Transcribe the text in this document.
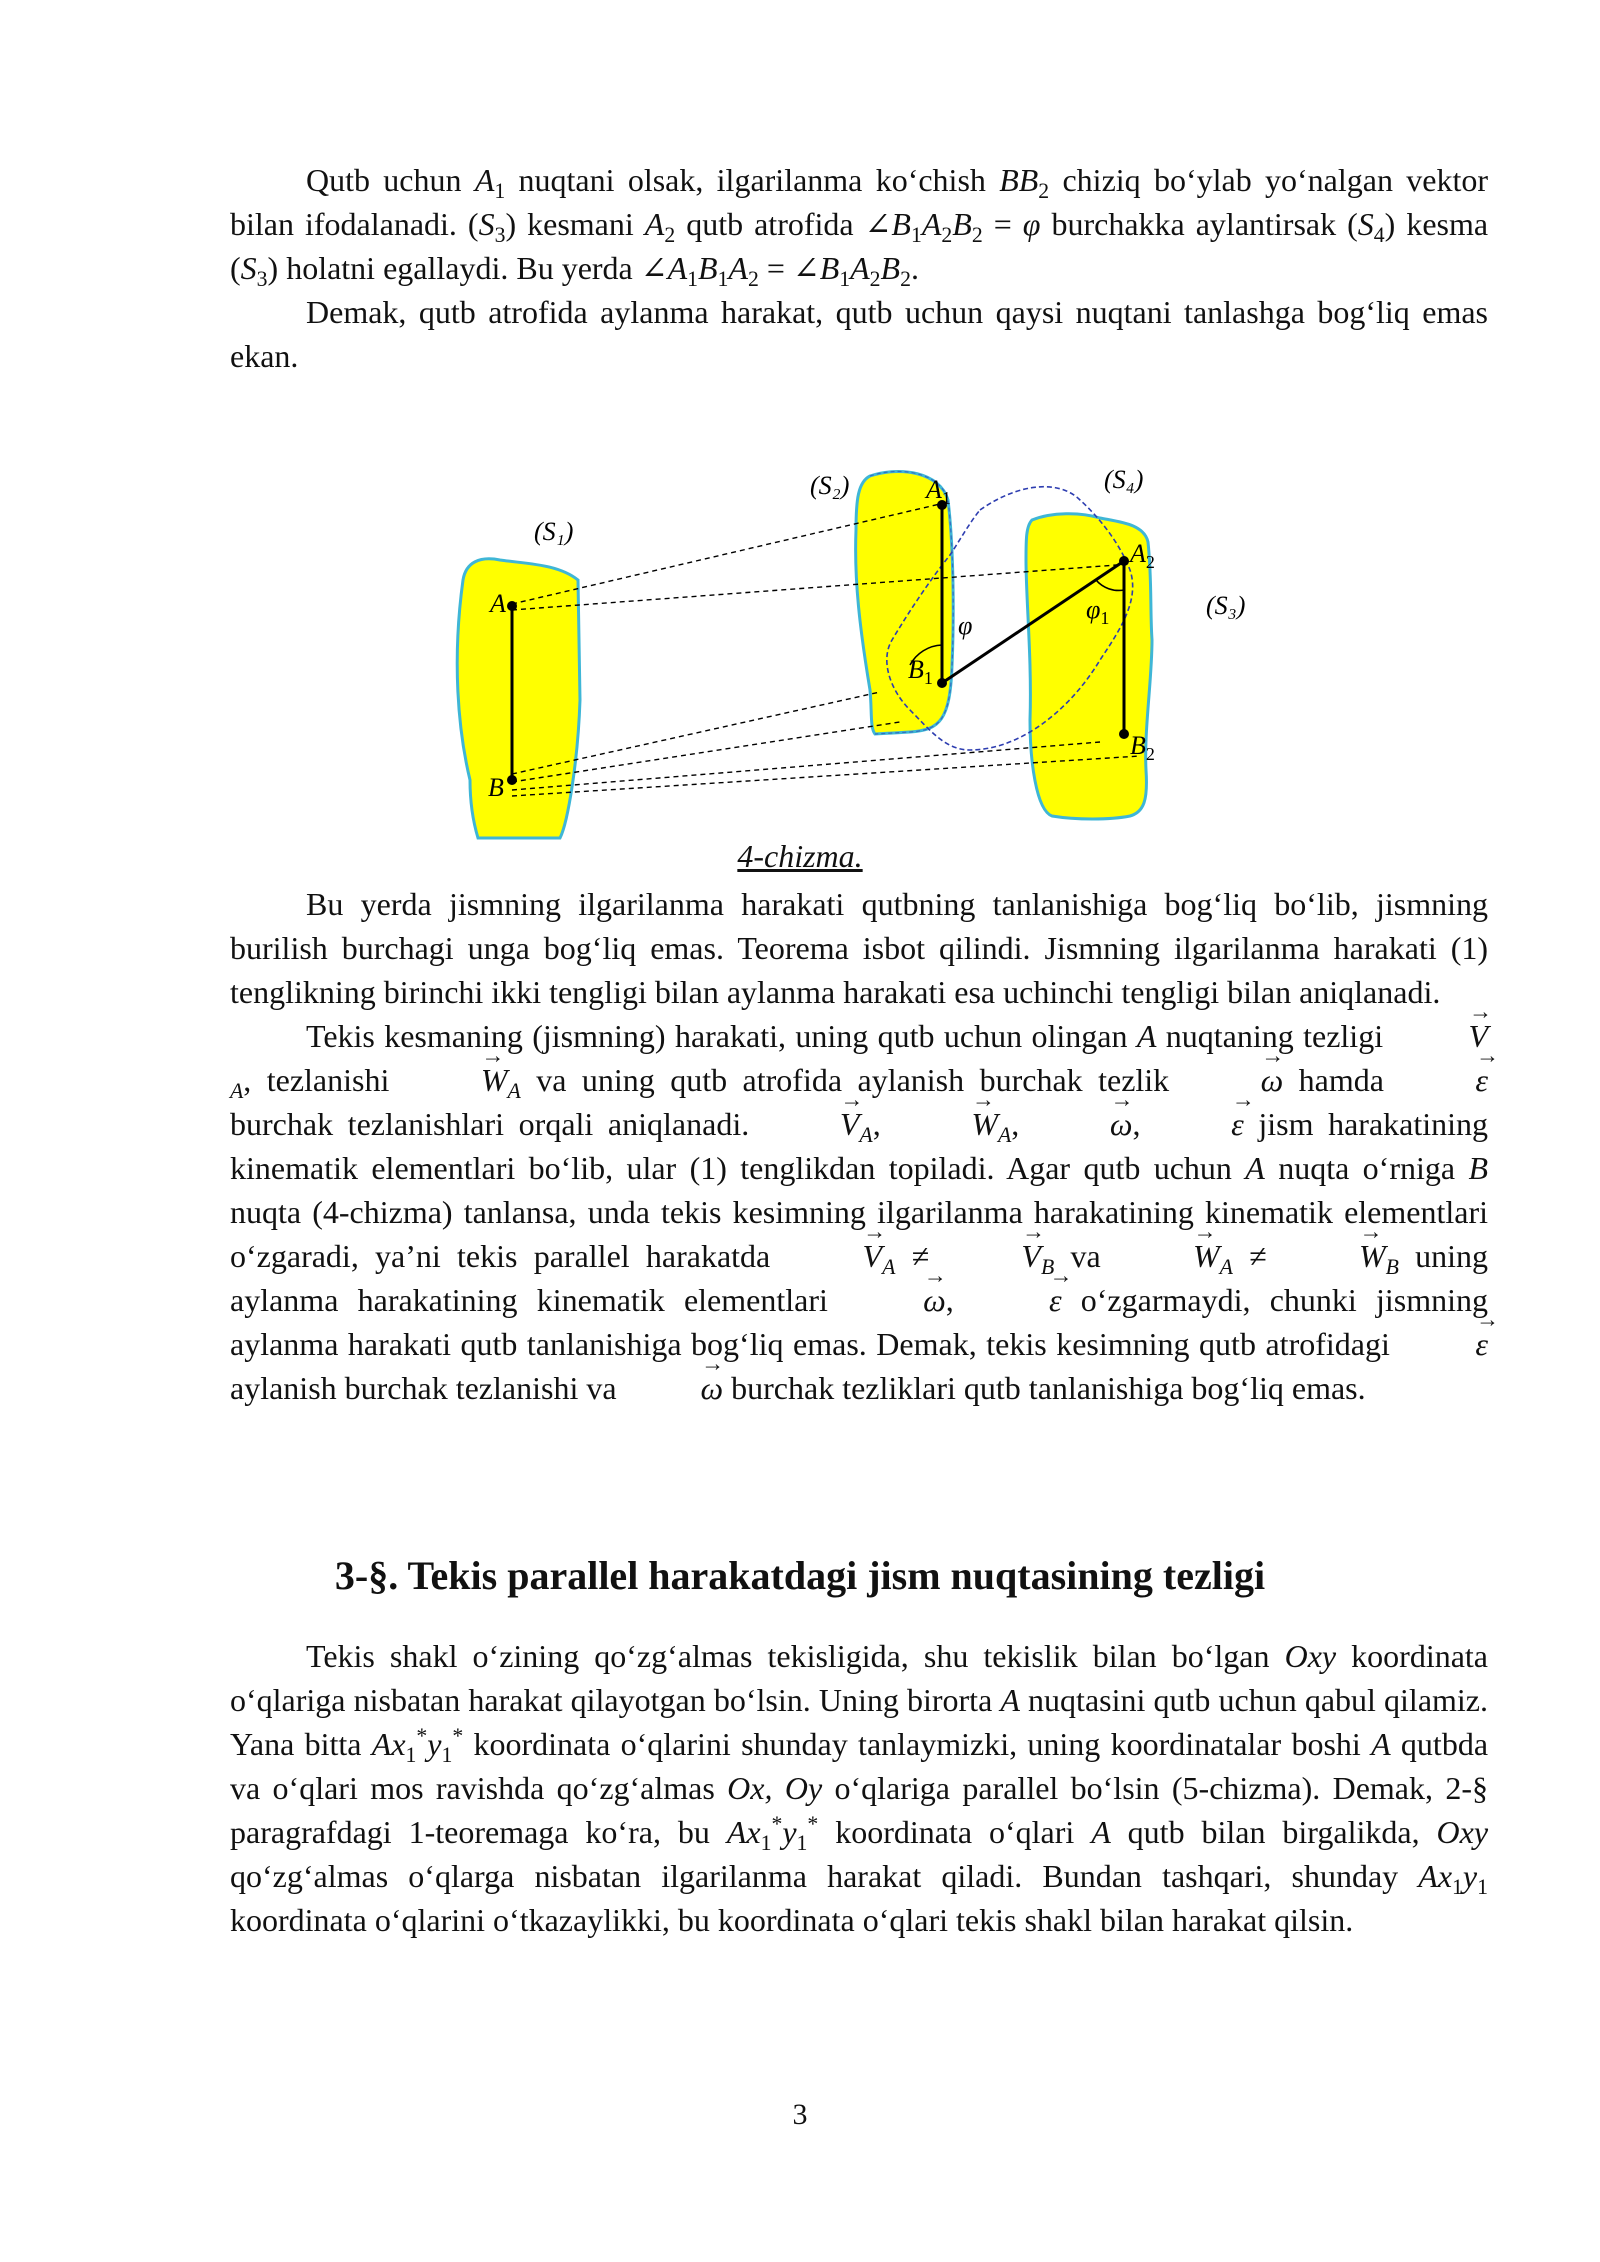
Qutb uchun $A_1$ nuqtani olsak, ilgarilanma ko‘chish $BB_2$ chiziq bo‘ylab yo‘nalgan vektor bilan ifodalanadi. $(S_3)$ kesmani $A_2$ qutb atrofida $\angle B_1A_2B_2 = \varphi$ burchakka aylantirsak $(S_4)$ kesma $(S_3)$ holatni egallaydi. Bu yerda $\angle A_1B_1A_2$ = $\angle B_1A_2B_2$.

Demak, qutb atrofida aylanma harakat, qutb uchun qaysi nuqtani tanlashga bog‘liq emas ekan.

(S₁)
(S₂)	(S₄)
(S₃)
A
B
$A_1$
$B_1$
$A_2$
$B_2$
φ
$\varphi_1$
4-chizma.

Bu yerda jismning ilgarilanma harakati qutbning tanlanishiga bog‘liq bo‘lib, jismning burilish burchagi unga bog‘liq emas. Teorema isbot qilindi. Jismning ilgarilanma harakati (1) tenglikning birinchi ikki tengligi bilan aylanma harakati esa uchinchi tengligi bilan aniqlanadi.

Tekis kesmaning (jismning) harakati, uning qutb uchun olingan A nuqtaning tezligi → $V_A$, tezlanishi → $W_A$ va uning qutb atrofida aylanish burchak tezlik → ω hamda → ε burchak tezlanishlari orqali aniqlanadi. → $V_A$, → $W_A$, → ω, → ε jism harakatining kinematik elementlari bo‘lib, ular (1) tenglikdan topiladi. Agar qutb uchun A nuqta o‘rniga B nuqta (4-chizma) tanlansa, unda tekis kesimning ilgarilanma harakatining kinematik elementlari o‘zgaradi, ya’ni tekis parallel harakatda → $V_A$ ≠ → $V_B$ va → $W_A$ ≠ → $W_B$ uning aylanma harakatining kinematik elementlari → ω, → ε o‘zgarmaydi, chunki jismning aylanma harakati qutb tanlanishiga bog‘liq emas. Demak, tekis kesimning qutb atrofidagi → ε aylanish burchak tezlanishi va → ω burchak tezliklari qutb tanlanishiga bog‘liq emas.

3-§. Tekis parallel harakatdagi jism nuqtasining tezligi

Tekis shakl o‘zining qo‘zg‘almas tekisligida, shu tekislik bilan bo‘lgan Oxy koordinata o‘qlariga nisbatan harakat qilayotgan bo‘lsin. Uning birorta A nuqtasini qutb uchun qabul qilamiz. Yana bitta $Ax_1^*y_1^*$ koordinata o‘qlarini shunday tanlaymizki, uning koordinatalar boshi A qutbda va o‘qlari mos ravishda qo‘zg‘almas Ox, Oy o‘qlariga parallel bo‘lsin (5-chizma). Demak, 2-§ paragrafdagi 1-teoremaga ko‘ra, bu $Ax_1^*y_1^*$ koordinata o‘qlari A qutb bilan birgalikda, Oxy qo‘zg‘almas o‘qlarga nisbatan ilgarilanma harakat qiladi. Bundan tashqari, shunday $Ax_1y_1$ koordinata o‘qlarini o‘tkazaylikki, bu koordinata o‘qlari tekis shakl bilan harakat qilsin.

3
